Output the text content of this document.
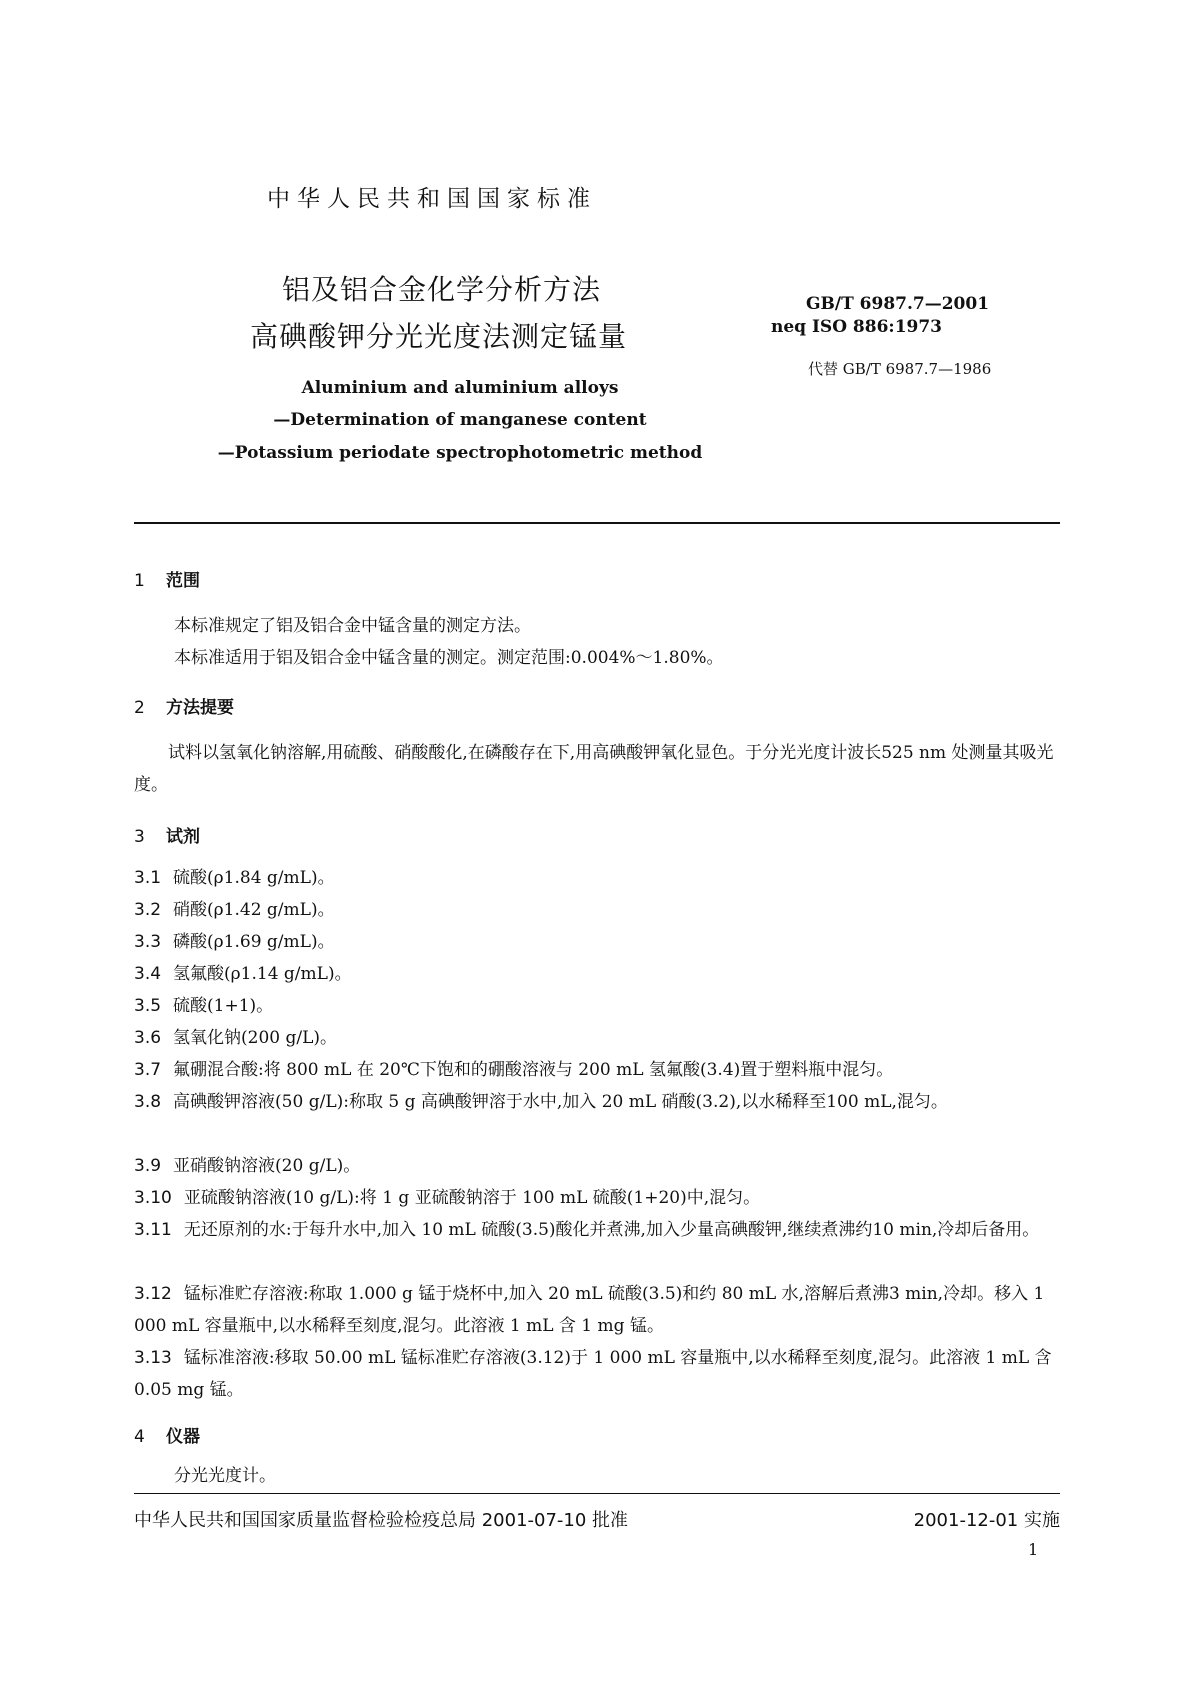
中华人民共和国国家标准
铝及铝合金化学分析方法
高碘酸钾分光光度法测定锰量
GB/T 6987.7—2001
neq ISO 886:1973
代替 GB/T 6987.7—1986
Aluminium and aluminium alloys
—Determination of manganese content
—Potassium periodate spectrophotometric method
1 范围
本标准规定了铝及铝合金中锰含量的测定方法。
本标准适用于铝及铝合金中锰含量的测定。测定范围:0.004%～1.80%。
2 方法提要
　　试料以氢氧化钠溶解,用硫酸、硝酸酸化,在磷酸存在下,用高碘酸钾氧化显色。于分光光度计波长525 nm 处测量其吸光度。
3 试剂
3.1 硫酸(ρ1.84 g/mL)。
3.2 硝酸(ρ1.42 g/mL)。
3.3 磷酸(ρ1.69 g/mL)。
3.4 氢氟酸(ρ1.14 g/mL)。
3.5 硫酸(1+1)。
3.6 氢氧化钠(200 g/L)。
3.7 氟硼混合酸:将 800 mL 在 20℃下饱和的硼酸溶液与 200 mL 氢氟酸(3.4)置于塑料瓶中混匀。
3.8 高碘酸钾溶液(50 g/L):称取 5 g 高碘酸钾溶于水中,加入 20 mL 硝酸(3.2),以水稀释至100 mL,混匀。
3.9 亚硝酸钠溶液(20 g/L)。
3.10 亚硫酸钠溶液(10 g/L):将 1 g 亚硫酸钠溶于 100 mL 硫酸(1+20)中,混匀。
3.11 无还原剂的水:于每升水中,加入 10 mL 硫酸(3.5)酸化并煮沸,加入少量高碘酸钾,继续煮沸约10 min,冷却后备用。
3.12 锰标准贮存溶液:称取 1.000 g 锰于烧杯中,加入 20 mL 硫酸(3.5)和约 80 mL 水,溶解后煮沸3 min,冷却。移入 1 000 mL 容量瓶中,以水稀释至刻度,混匀。此溶液 1 mL 含 1 mg 锰。
3.13 锰标准溶液:移取 50.00 mL 锰标准贮存溶液(3.12)于 1 000 mL 容量瓶中,以水稀释至刻度,混匀。此溶液 1 mL 含 0.05 mg 锰。
4 仪器
分光光度计。
中华人民共和国国家质量监督检验检疫总局 2001-07-10 批准	2001-12-01 实施
1
